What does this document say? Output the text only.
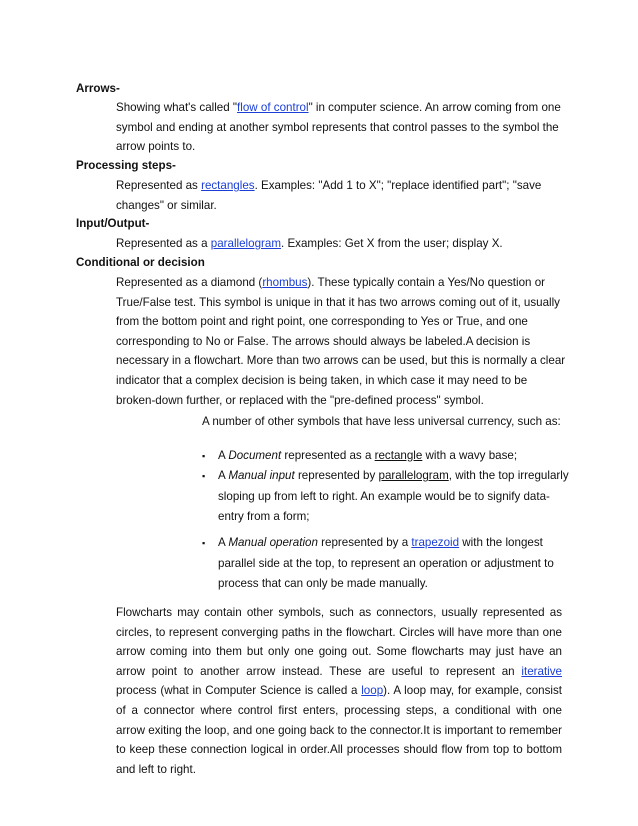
Arrows-
Showing what's called "flow of control" in computer science. An arrow coming from one symbol and ending at another symbol represents that control passes to the symbol the arrow points to.
Processing steps-
Represented as rectangles. Examples: "Add 1 to X"; "replace identified part"; "save changes" or similar.
Input/Output-
Represented as a parallelogram. Examples: Get X from the user; display X.
Conditional or decision
Represented as a diamond (rhombus). These typically contain a Yes/No question or True/False test. This symbol is unique in that it has two arrows coming out of it, usually from the bottom point and right point, one corresponding to Yes or True, and one corresponding to No or False. The arrows should always be labeled.A decision is necessary in a flowchart. More than two arrows can be used, but this is normally a clear indicator that a complex decision is being taken, in which case it may need to be broken-down further, or replaced with the "pre-defined process" symbol.
A number of other symbols that have less universal currency, such as:
▪ A Document represented as a rectangle with a wavy base;
▪ A Manual input represented by parallelogram, with the top irregularly sloping up from left to right. An example would be to signify data-entry from a form;
▪ A Manual operation represented by a trapezoid with the longest parallel side at the top, to represent an operation or adjustment to process that can only be made manually.
Flowcharts may contain other symbols, such as connectors, usually represented as circles, to represent converging paths in the flowchart. Circles will have more than one arrow coming into them but only one going out. Some flowcharts may just have an arrow point to another arrow instead. These are useful to represent an iterative process (what in Computer Science is called a loop). A loop may, for example, consist of a connector where control first enters, processing steps, a conditional with one arrow exiting the loop, and one going back to the connector.It is important to remember to keep these connection logical in order.All processes should flow from top to bottom and left to right.
